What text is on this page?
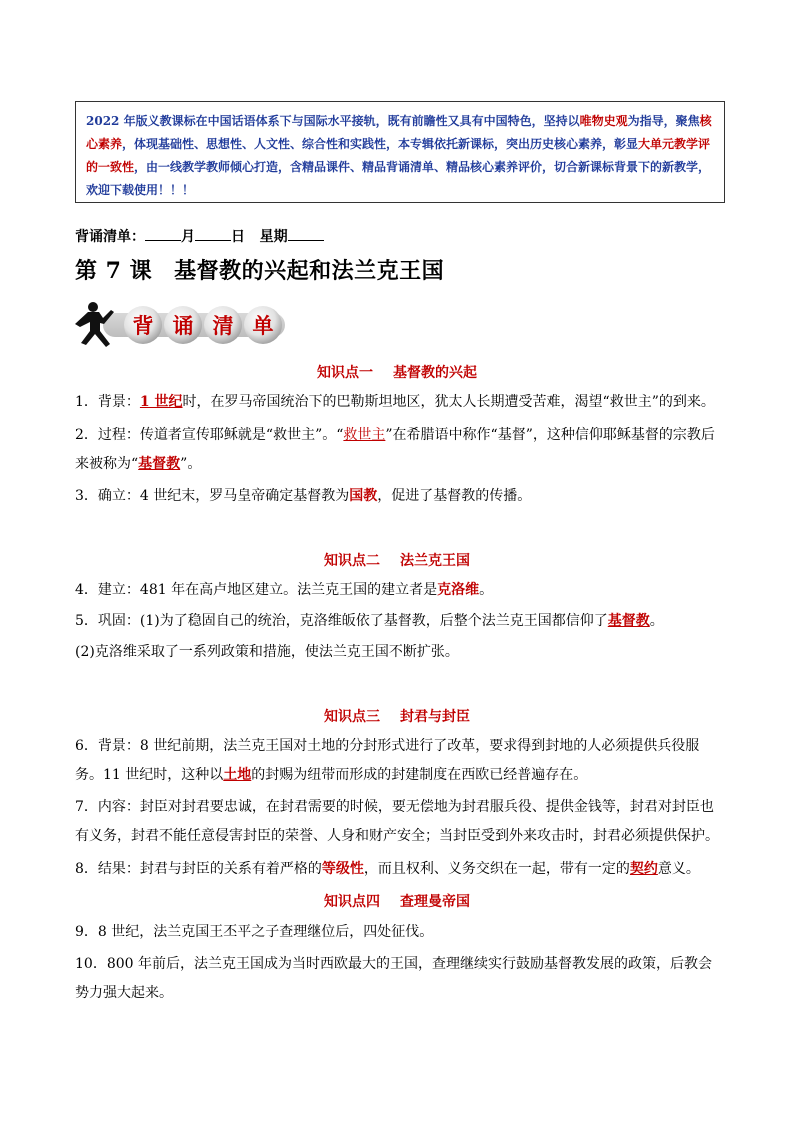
2022 年版义教课标在中国话语体系下与国际水平接轨，既有前瞻性又具有中国特色，坚持以唯物史观为指导，聚焦核心素养，体现基础性、思想性、人文性、综合性和实践性，本专辑依托新课标，突出历史核心素养，彰显大单元教学评的一致性，由一线教学教师倾心打造，含精品课件、精品背诵清单、精品核心素养评价，切合新课标背景下的新教学，欢迎下载使用！！！
背诵清单：	月	日 星期
第 7 课 基督教的兴起和法兰克王国
背 诵 清 单
知识点一 基督教的兴起
1．背景：1 世纪时，在罗马帝国统治下的巴勒斯坦地区，犹太人长期遭受苦难，渴望“救世主”的到来。
2．过程：传道者宣传耶稣就是“救世主”。“救世主”在希腊语中称作“基督”，这种信仰耶稣基督的宗教后来被称为“基督教”。
3．确立：4 世纪末，罗马皇帝确定基督教为国教，促进了基督教的传播。
知识点二 法兰克王国
4．建立：481 年在高卢地区建立。法兰克王国的建立者是克洛维。
5．巩固：(1)为了稳固自己的统治，克洛维皈依了基督教，后整个法兰克王国都信仰了基督教。
(2)克洛维采取了一系列政策和措施，使法兰克王国不断扩张。
知识点三 封君与封臣
6．背景：8 世纪前期，法兰克王国对土地的分封形式进行了改革，要求得到封地的人必须提供兵役服务。11 世纪时，这种以土地的封赐为纽带而形成的封建制度在西欧已经普遍存在。
7．内容：封臣对封君要忠诚，在封君需要的时候，要无偿地为封君服兵役、提供金钱等，封君对封臣也有义务，封君不能任意侵害封臣的荣誉、人身和财产安全；当封臣受到外来攻击时，封君必须提供保护。
8．结果：封君与封臣的关系有着严格的等级性，而且权利、义务交织在一起，带有一定的契约意义。
知识点四 查理曼帝国
9．8 世纪，法兰克国王丕平之子查理继位后，四处征伐。
10．800 年前后，法兰克王国成为当时西欧最大的王国，查理继续实行鼓励基督教发展的政策，后教会势力强大起来。
